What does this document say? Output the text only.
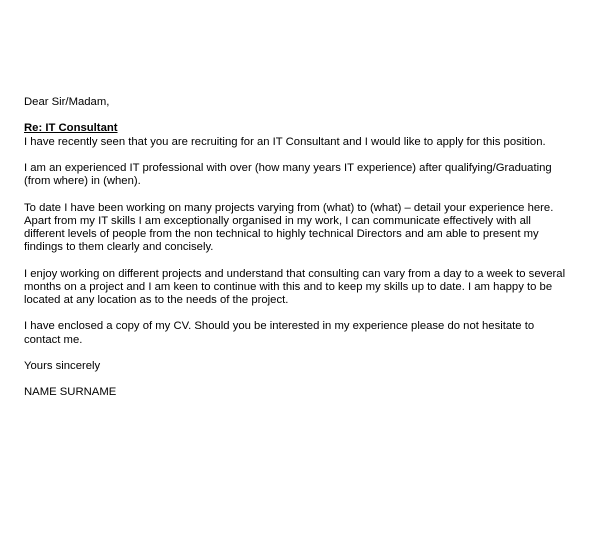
Dear Sir/Madam,

Re: IT Consultant
I have recently seen that you are recruiting for an IT Consultant and I would like to apply for this position.

I am an experienced IT professional with over (how many years IT experience) after qualifying/Graduating (from where) in (when).

To date I have been working on many projects varying from (what) to (what) – detail your experience here. Apart from my IT skills I am exceptionally organised in my work, I can communicate effectively with all different levels of people from the non technical to highly technical Directors and am able to present my findings to them clearly and concisely.

I enjoy working on different projects and understand that consulting can vary from a day to a week to several months on a project and I am keen to continue with this and to keep my skills up to date. I am happy to be located at any location as to the needs of the project.

I have enclosed a copy of my CV. Should you be interested in my experience please do not hesitate to contact me.

Yours sincerely

NAME SURNAME
